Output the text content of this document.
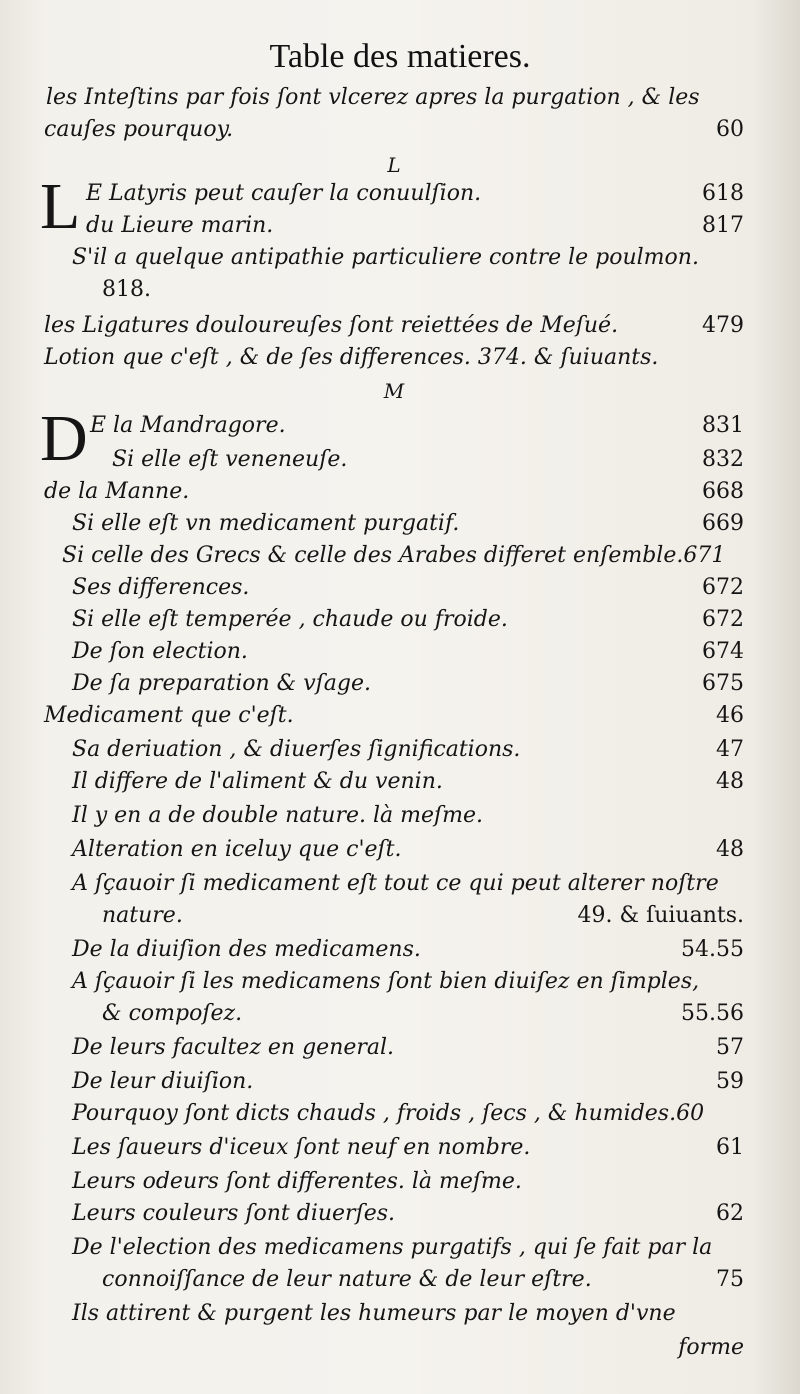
Table des matieres.
les Inteſtins par fois ſont vlcerez apres la purgation , & les
cauſes pourquoy.	60
L
L E Latyris peut cauſer la conuulſion.	618
du Lieure marin.	817
S'il a quelque antipathie particuliere contre le poulmon.
818.
les Ligatures douloureuſes ſont reiettées de Meſué.	479
Lotion que c'eſt , & de ſes differences. 374. & ſuiuants.
M
D E la Mandragore.	831
Si elle eſt veneneuſe.	832
de la Manne.	668
Si elle eſt vn medicament purgatif.	669
Si celle des Grecs & celle des Arabes differet enſemble.671
Ses differences.	672
Si elle eſt temperée , chaude ou froide.	672
De ſon election.	674
De ſa preparation & vſage.	675
Medicament que c'eſt.	46
Sa deriuation , & diuerſes ſignifications.	47
Il differe de l'aliment & du venin.	48
Il y en a de double nature. là meſme.
Alteration en iceluy que c'eſt.	48
A ſçauoir ſi medicament eſt tout ce qui peut alterer noſtre
nature.	49. & ſuiuants.
De la diuiſion des medicamens.	54.55
A ſçauoir ſi les medicamens ſont bien diuiſez en ſimples,
& compoſez.	55.56
De leurs facultez en general.	57
De leur diuiſion.	59
Pourquoy ſont dicts chauds , froids , ſecs , & humides.60
Les ſaueurs d'iceux ſont neuf en nombre.	61
Leurs odeurs ſont differentes. là meſme.
Leurs couleurs ſont diuerſes.	62
De l'election des medicamens purgatifs , qui ſe fait par la
connoiſſance de leur nature & de leur eſtre.	75
Ils attirent & purgent les humeurs par le moyen d'vne
forme
